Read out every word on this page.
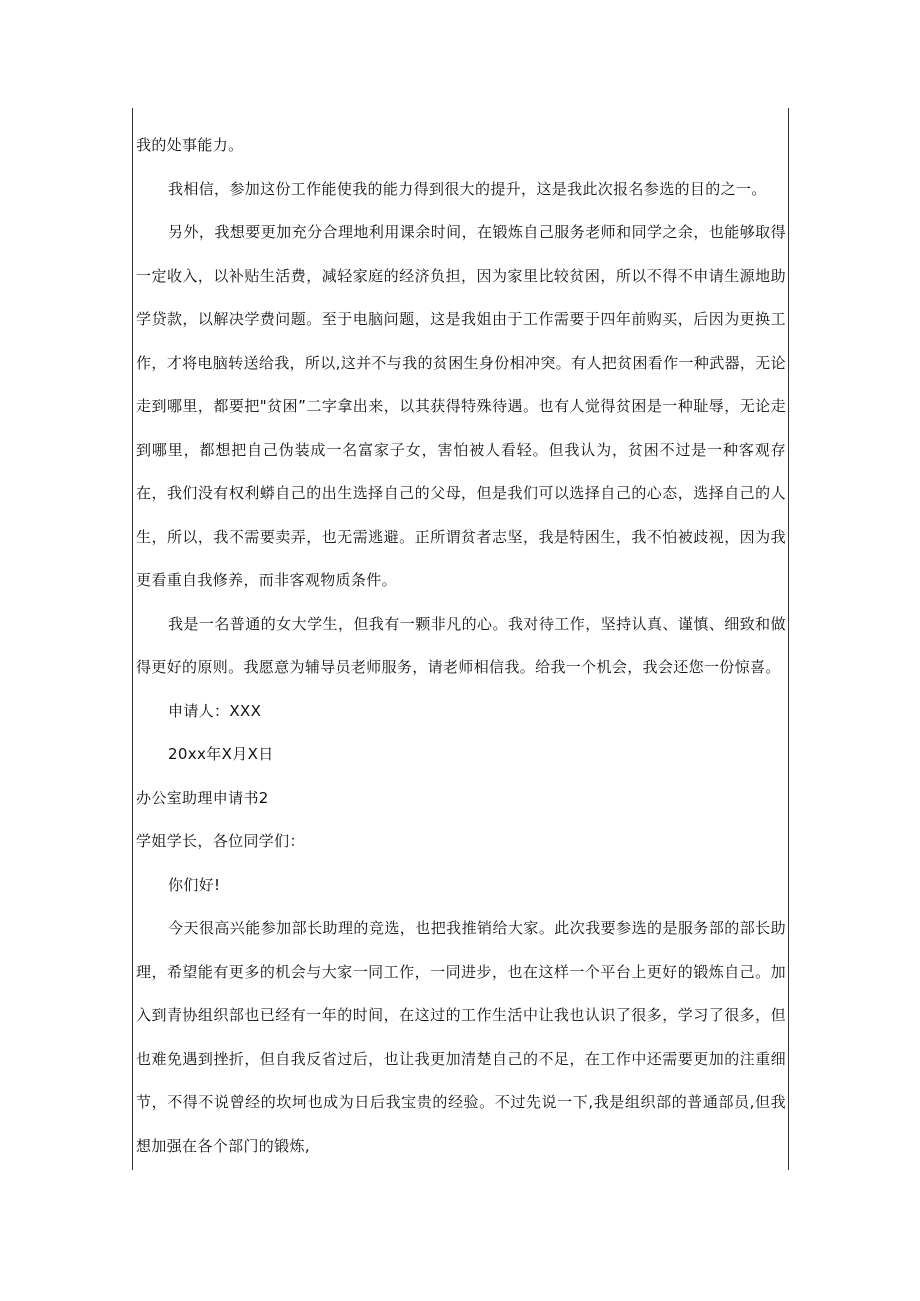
我的处事能力。

我相信，参加这份工作能使我的能力得到很大的提升，这是我此次报名参选的目的之一。

另外，我想要更加充分合理地利用课余时间，在锻炼自己服务老师和同学之余，也能够取得一定收入，以补贴生活费，减轻家庭的经济负担，因为家里比较贫困，所以不得不申请生源地助学贷款，以解决学费问题。至于电脑问题，这是我姐由于工作需要于四年前购买，后因为更换工作，才将电脑转送给我，所以,这并不与我的贫困生身份相冲突。有人把贫困看作一种武器，无论走到哪里，都要把"贫困”二字拿出来，以其获得特殊待遇。也有人觉得贫困是一种耻辱，无论走到哪里，都想把自己伪装成一名富家子女，害怕被人看轻。但我认为，贫困不过是一种客观存在，我们没有权利蟒自己的出生选择自己的父母，但是我们可以选择自己的心态，选择自己的人生，所以，我不需要卖弄，也无需逃避。正所谓贫者志坚，我是特困生，我不怕被歧视，因为我更看重自我修养，而非客观物质条件。

我是一名普通的女大学生，但我有一颗非凡的心。我对待工作，坚持认真、谨慎、细致和做得更好的原则。我愿意为辅导员老师服务，请老师相信我。给我一个机会，我会还您一份惊喜。

申请人：XXX

20xx年X月X日

办公室助理申请书2

学姐学长，各位同学们：

你们好!

今天很高兴能参加部长助理的竞选，也把我推销给大家。此次我要参选的是服务部的部长助理，希望能有更多的机会与大家一同工作，一同进步，也在这样一个平台上更好的锻炼自己。加入到青协组织部也已经有一年的时间，在这过的工作生活中让我也认识了很多，学习了很多，但也难免遇到挫折，但自我反省过后，也让我更加清楚自己的不足，在工作中还需要更加的注重细节，不得不说曾经的坎坷也成为日后我宝贵的经验。不过先说一下,我是组织部的普通部员,但我想加强在各个部门的锻炼,
